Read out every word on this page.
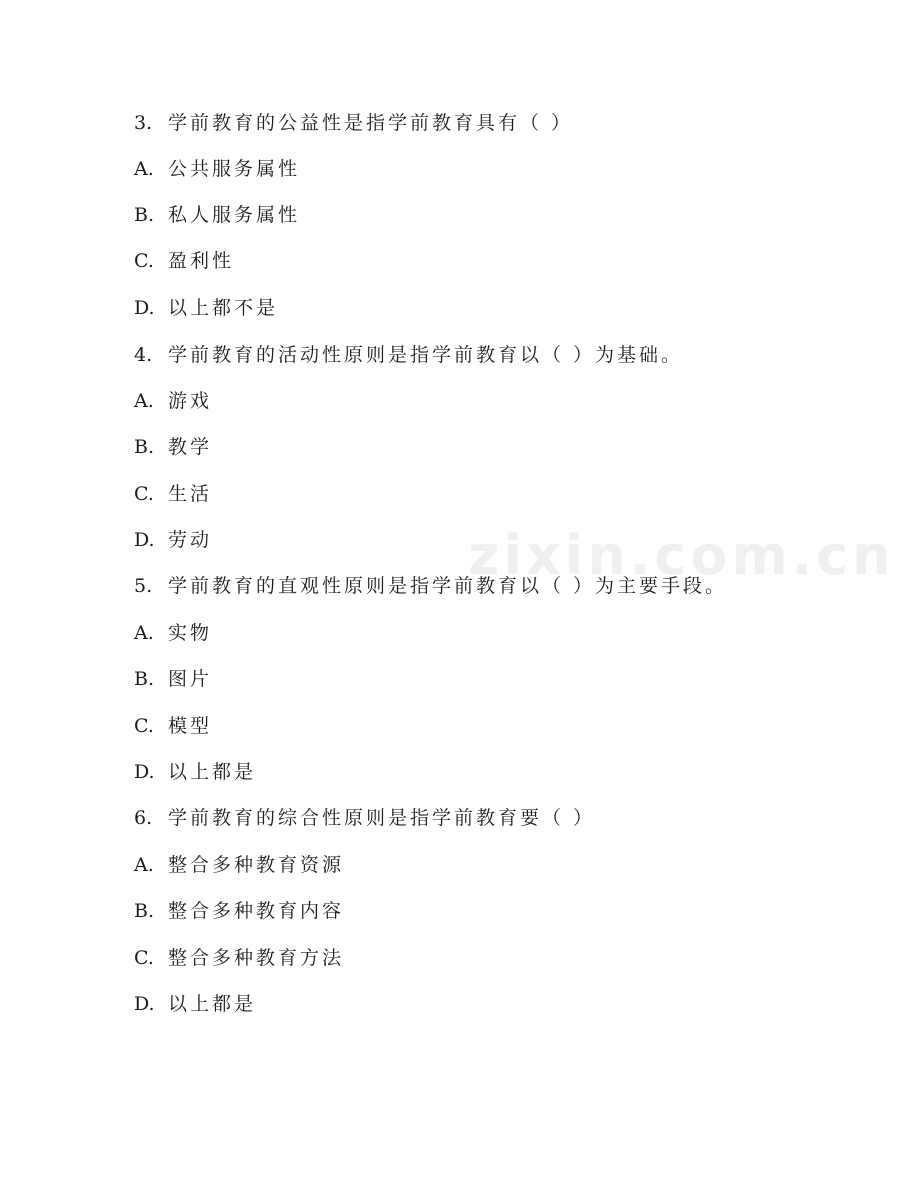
zixin.com.cn
3. 学前教育的公益性是指学前教育具有（ ）
A. 公共服务属性
B. 私人服务属性
C. 盈利性
D. 以上都不是
4. 学前教育的活动性原则是指学前教育以（ ）为基础。
A. 游戏
B. 教学
C. 生活
D. 劳动
5. 学前教育的直观性原则是指学前教育以（ ）为主要手段。
A. 实物
B. 图片
C. 模型
D. 以上都是
6. 学前教育的综合性原则是指学前教育要（ ）
A. 整合多种教育资源
B. 整合多种教育内容
C. 整合多种教育方法
D. 以上都是
